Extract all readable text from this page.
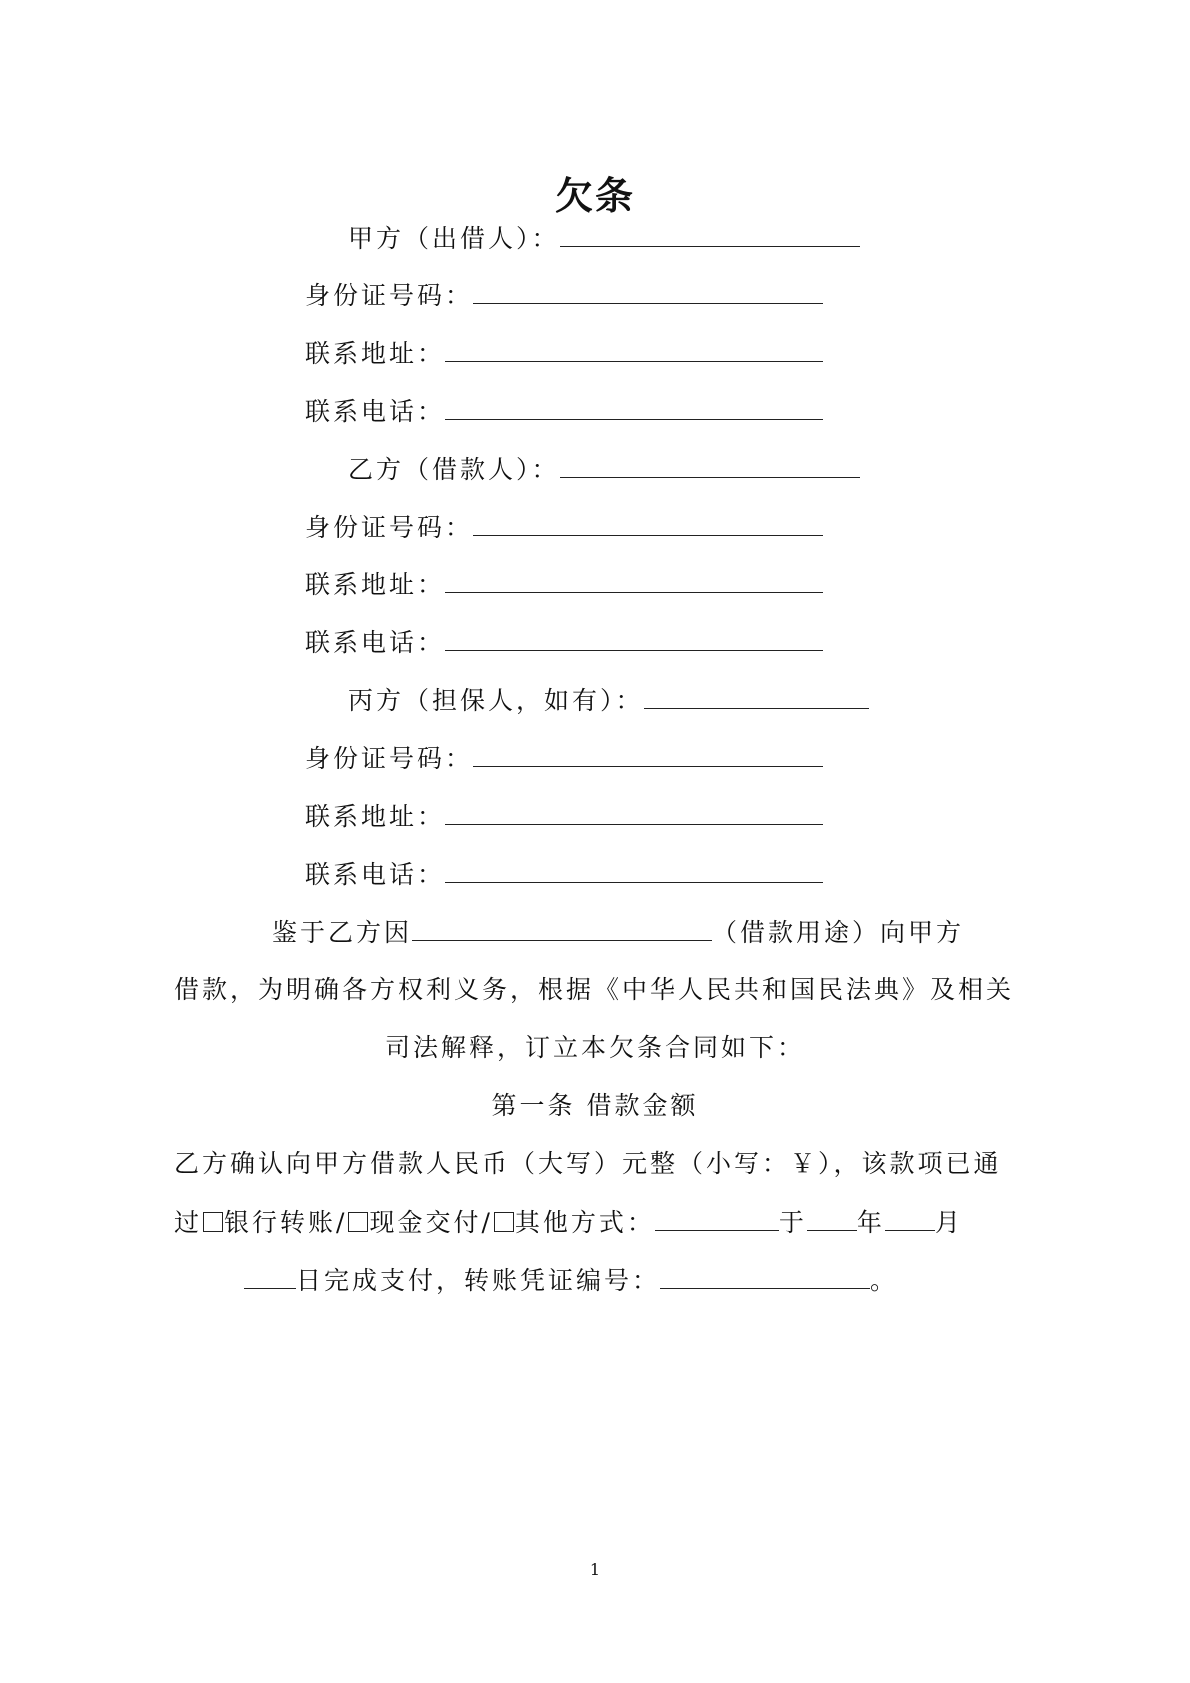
欠条
甲方（出借人）：
身份证号码：
联系地址：
联系电话：
乙方（借款人）：
身份证号码：
联系地址：
联系电话：
丙方（担保人，如有）：
身份证号码：
联系地址：
联系电话：
鉴于乙方因	（借款用途）向甲方
借款，为明确各方权利义务，根据《中华人民共和国民法典》及相关
司法解释，订立本欠条合同如下：
第一条 借款金额
乙方确认向甲方借款人民币（大写）元整（小写：￥），该款项已通
过 银行转账/ 现金交付/ 其他方式：	于 年 月
日完成支付，转账凭证编号：	。
1
